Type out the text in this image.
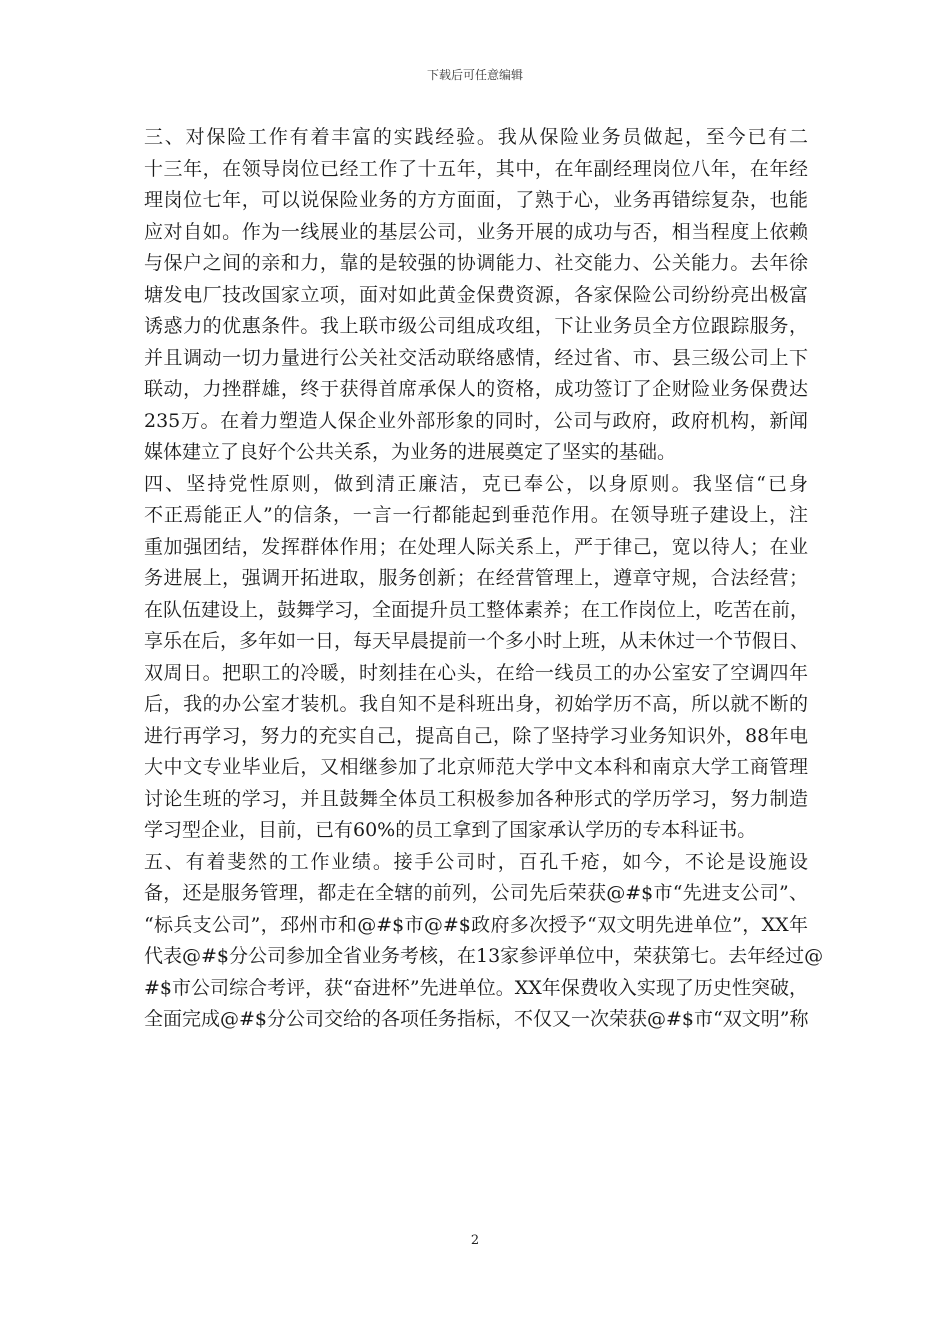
下载后可任意编辑

三、对保险工作有着丰富的实践经验。我从保险业务员做起，至今已有二
十三年，在领导岗位已经工作了十五年，其中，在年副经理岗位八年，在年经
理岗位七年，可以说保险业务的方方面面，了熟于心，业务再错综复杂，也能
应对自如。作为一线展业的基层公司，业务开展的成功与否，相当程度上依赖
与保户之间的亲和力，靠的是较强的协调能力、社交能力、公关能力。去年徐
塘发电厂技改国家立项，面对如此黄金保费资源，各家保险公司纷纷亮出极富
诱惑力的优惠条件。我上联市级公司组成攻组，下让业务员全方位跟踪服务，
并且调动一切力量进行公关社交活动联络感情，经过省、市、县三级公司上下
联动，力挫群雄，终于获得首席承保人的资格，成功签订了企财险业务保费达
235万。在着力塑造人保企业外部形象的同时，公司与政府，政府机构，新闻
媒体建立了良好个公共关系，为业务的进展奠定了坚实的基础。

四、坚持党性原则，做到清正廉洁，克已奉公，以身原则。我坚信“已身
不正焉能正人”的信条，一言一行都能起到垂范作用。在领导班子建设上，注
重加强团结，发挥群体作用；在处理人际关系上，严于律己，宽以待人；在业
务进展上，强调开拓进取，服务创新；在经营管理上，遵章守规，合法经营；
在队伍建设上，鼓舞学习，全面提升员工整体素养；在工作岗位上，吃苦在前，
享乐在后，多年如一日，每天早晨提前一个多小时上班，从未休过一个节假日、
双周日。把职工的冷暖，时刻挂在心头，在给一线员工的办公室安了空调四年
后，我的办公室才装机。我自知不是科班出身，初始学历不高，所以就不断的
进行再学习，努力的充实自己，提高自己，除了坚持学习业务知识外，88年电
大中文专业毕业后，又相继参加了北京师范大学中文本科和南京大学工商管理
讨论生班的学习，并且鼓舞全体员工积极参加各种形式的学历学习，努力制造
学习型企业，目前，已有60%的员工拿到了国家承认学历的专本科证书。

五、有着斐然的工作业绩。接手公司时，百孔千疮，如今，不论是设施设
备，还是服务管理，都走在全辖的前列，公司先后荣获@#$市“先进支公司”、
“标兵支公司”，邳州市和@#$市@#$政府多次授予“双文明先进单位”，XX年
代表@#$分公司参加全省业务考核，在13家参评单位中，荣获第七。去年经过@
#$市公司综合考评，获“奋进杯”先进单位。XX年保费收入实现了历史性突破，
全面完成@#$分公司交给的各项任务指标，不仅又一次荣获@#$市“双文明”称

2
